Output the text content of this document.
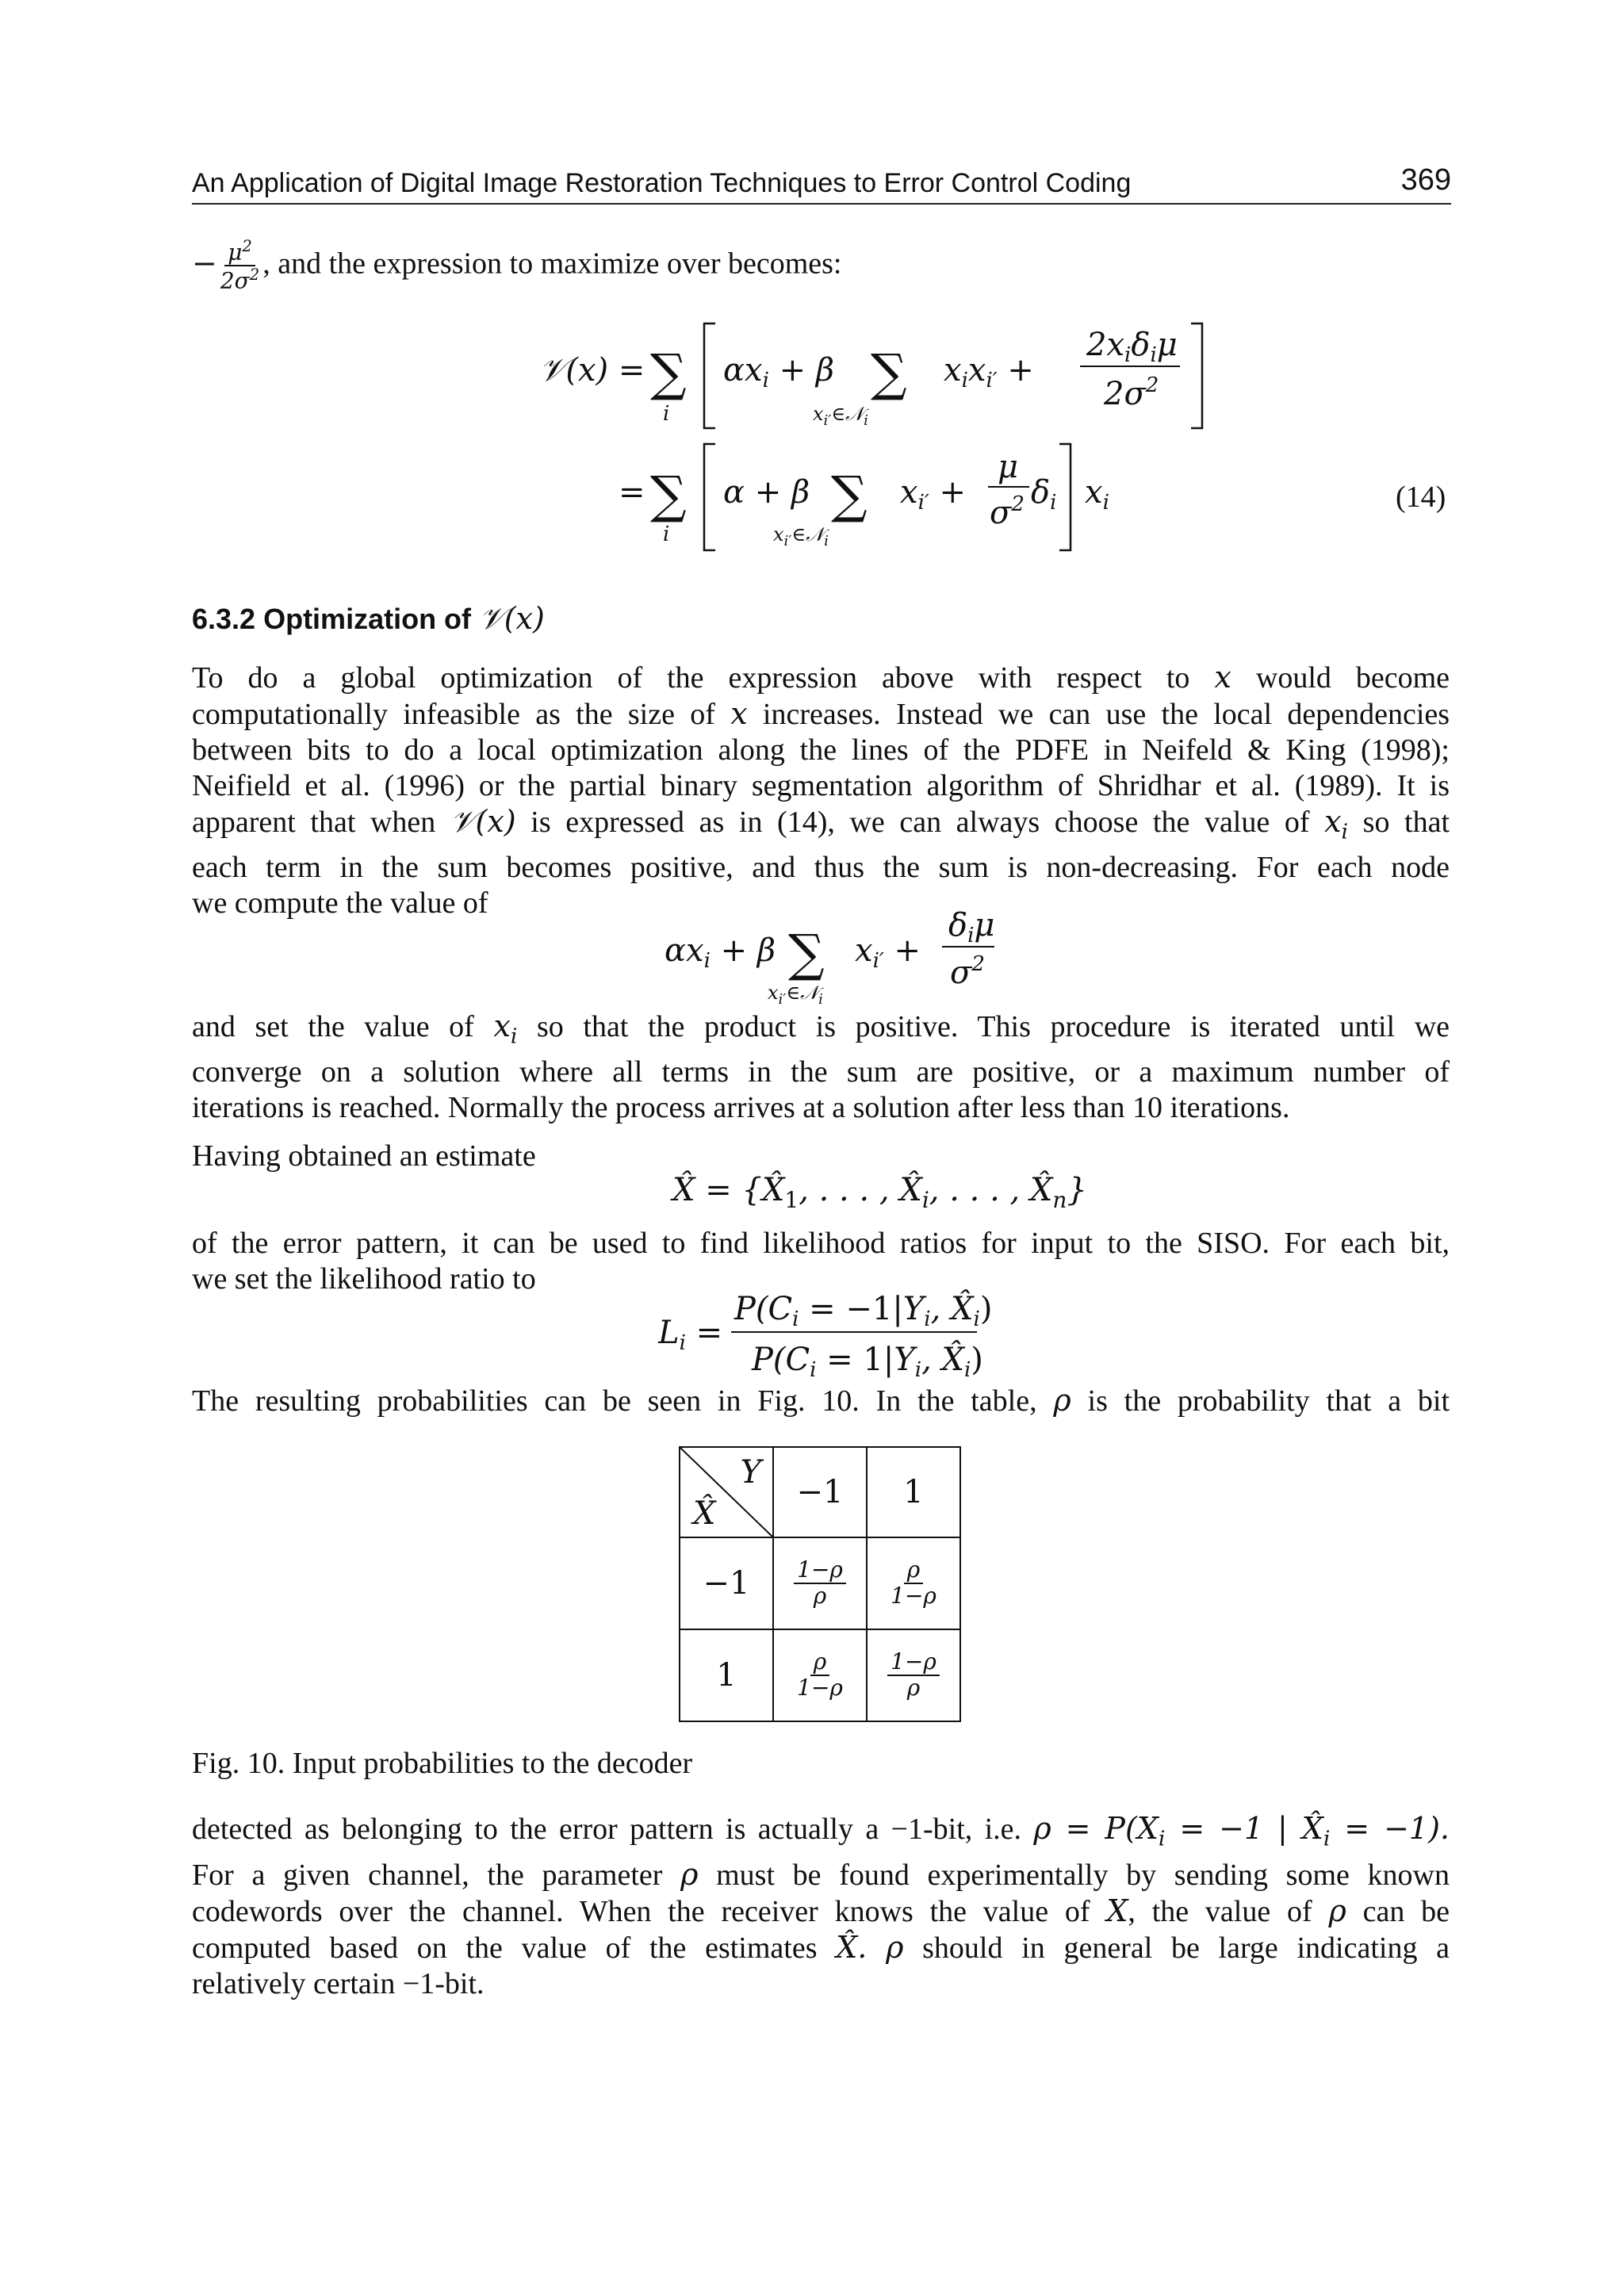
An Application of Digital Image Restoration Techniques to Error Control Coding	369
− $\frac{\mu^2}{2\sigma^2}$ , and the expression to maximize over becomes:
𝒱(x) = ∑
i
$\alpha x_i + \beta$ ∑
$x_{i'}\in 𝒩_i$
$x_ix_{i'}$ +
$2x_i\delta_i\mu$
$2\sigma^2$
= ∑
i
α + β ∑
$x_{i'}\in 𝒩_i$
$x_{i'}$ +
μ
$\sigma^2$ $\delta_i$ $x_i$	(14)
6.3.2 Optimization of 𝒱(x)
To do a global optimization of the expression above with respect to x would become
computationally infeasible as the size of x increases. Instead we can use the local dependencies
between bits to do a local optimization along the lines of the PDFE in Neifeld & King (1998);
Neifield et al. (1996) or the partial binary segmentation algorithm of Shridhar et al. (1989). It is
apparent that when 𝒱(x) is expressed as in (14), we can always choose the value of $x_i$ so that
each term in the sum becomes positive, and thus the sum is non-decreasing. For each node
we compute the value of
$\alpha x_i + \beta$ ∑
$x_{i'}\in 𝒩_i$
$x_{i'}$ +
$\delta_i\mu$
$\sigma^2$
and set the value of $x_i$ so that the product is positive. This procedure is iterated until we
converge on a solution where all terms in the sum are positive, or a maximum number of
iterations is reached. Normally the process arrives at a solution after less than 10 iterations.
Having obtained an estimate
X̂ = {$X̂_1$, . . . , $X̂_i$, . . . , $X̂_n$}
of the error pattern, it can be used to find likelihood ratios for input to the SISO. For each bit,
we set the likelihood ratio to
$L_i$ =
$P(C_i = -1|Y_i$, $X̂_i$)
$P(C_i = 1|Y_i$, $X̂_i$)
The resulting probabilities can be seen in Fig. 10. In the table, ρ is the probability that a bit
Y
X̂	−1	1
−1	$\frac{1-\rho}{\rho}$	$\frac{\rho}{1-\rho}$

1	$\frac{\rho}{1-\rho}$	$\frac{1-\rho}{\rho}$
Fig. 10. Input probabilities to the decoder
detected as belonging to the error pattern is actually a −1-bit, i.e. $\rho = P(X_i = -1$ | $X̂_i = -1$).
For a given channel, the parameter ρ must be found experimentally by sending some known
codewords over the channel. When the receiver knows the value of X, the value of ρ can be
computed based on the value of the estimates X̂. ρ should in general be large indicating a
relatively certain −1-bit.
